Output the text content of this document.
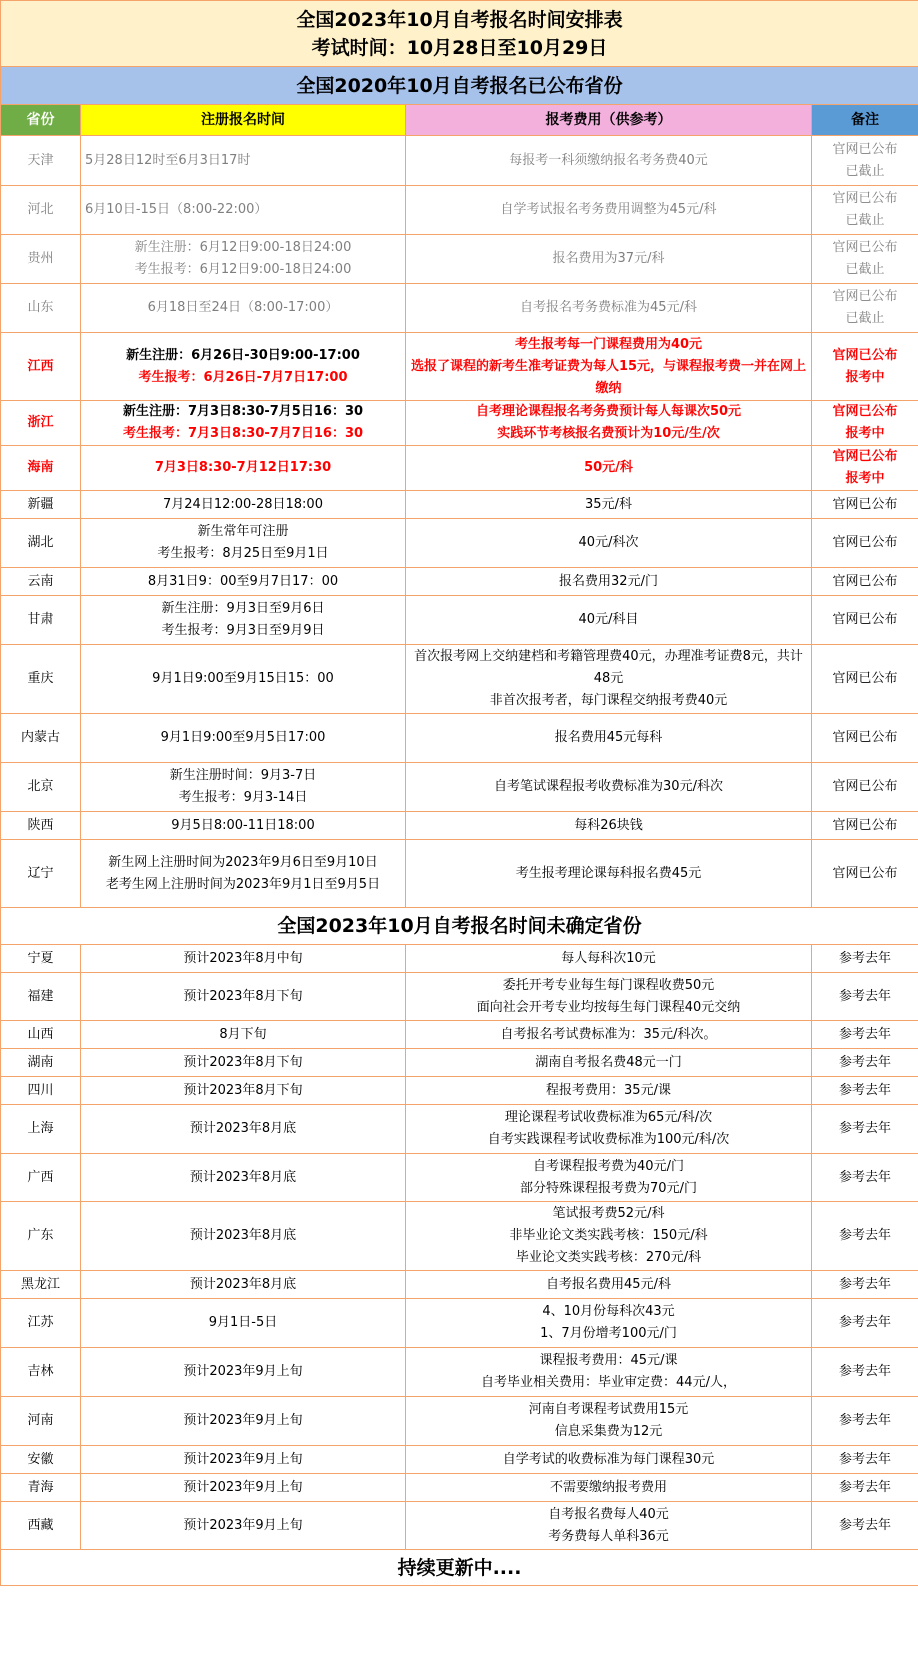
全国2023年10月自考报名时间安排表
考试时间：10月28日至10月29日			

全国2020年10月自考报名已公布省份			
省份	注册报名时间	报考费用（供参考）	备注
天津	5月28日12时至6月3日17时	每报考一科须缴纳报名考务费40元	官网已公布
已截止

河北	6月10日-15日（8:00-22:00）	自学考试报名考务费用调整为45元/科	官网已公布
已截止

贵州	新生注册：6月12日9:00-18日24:00
考生报考：6月12日9:00-18日24:00	报名费用为37元/科	官网已公布
已截止

山东	6月18日至24日（8:00-17:00）	自考报名考务费标准为45元/科	官网已公布
已截止

江西	新生注册：6月26日-30日9:00-17:00
考生报考：6月26日-7月7日17:00	考生报考每一门课程费用为40元
选报了课程的新考生准考证费为每人15元，与课程报考费一并在网上
缴纳	官网已公布
报考中

浙江	新生注册：7月3日8:30-7月5日16：30
考生报考：7月3日8:30-7月7日16：30	自考理论课程报名考务费预计每人每课次50元
实践环节考核报名费预计为10元/生/次	官网已公布
报考中

海南	7月3日8:30-7月12日17:30	50元/科	官网已公布
报考中

新疆	7月24日12:00-28日18:00	35元/科	官网已公布

湖北	新生常年可注册
考生报考：8月25日至9月1日	40元/科次	官网已公布

云南	8月31日9：00至9月7日17：00	报名费用32元/门	官网已公布

甘肃	新生注册：9月3日至9月6日
考生报考：9月3日至9月9日	40元/科目	官网已公布

重庆	9月1日9:00至9月15日15：00	首次报考网上交纳建档和考籍管理费40元，办理准考证费8元，共计
48元
非首次报考者，每门课程交纳报考费40元	官网已公布

内蒙古	9月1日9:00至9月5日17:00	报名费用45元每科	官网已公布

北京	新生注册时间：9月3-7日
考生报考：9月3-14日	自考笔试课程报考收费标准为30元/科次	官网已公布

陕西	9月5日8:00-11日18:00	每科26块钱	官网已公布

辽宁	新生网上注册时间为2023年9月6日至9月10日
老考生网上注册时间为2023年9月1日至9月5日	考生报考理论课每科报名费45元	官网已公布

全国2023年10月自考报名时间未确定省份			
宁夏	预计2023年8月中旬	每人每科次10元	参考去年

福建	预计2023年8月下旬	委托开考专业每生每门课程收费50元
面向社会开考专业均按每生每门课程40元交纳	参考去年

山西	8月下旬	自考报名考试费标准为：35元/科次。	参考去年

湖南	预计2023年8月下旬	湖南自考报名费48元一门	参考去年

四川	预计2023年8月下旬	程报考费用：35元/课	参考去年

上海	预计2023年8月底	理论课程考试收费标准为65元/科/次
自考实践课程考试收费标准为100元/科/次	参考去年

广西	预计2023年8月底	自考课程报考费为40元/门
部分特殊课程报考费为70元/门	参考去年

广东	预计2023年8月底	笔试报考费52元/科
非毕业论文类实践考核：150元/科
毕业论文类实践考核：270元/科	参考去年

黑龙江	预计2023年8月底	自考报名费用45元/科	参考去年

江苏	9月1日-5日	4、10月份每科次43元
1、7月份增考100元/门	参考去年

吉林	预计2023年9月上旬	课程报考费用：45元/课
自考毕业相关费用：毕业审定费：44元/人，	参考去年

河南	预计2023年9月上旬	河南自考课程考试费用15元
信息采集费为12元	参考去年

安徽	预计2023年9月上旬	自学考试的收费标准为每门课程30元	参考去年

青海	预计2023年9月上旬	不需要缴纳报考费用	参考去年

西藏	预计2023年9月上旬	自考报名费每人40元
考务费每人单科36元	参考去年

持续更新中....			
